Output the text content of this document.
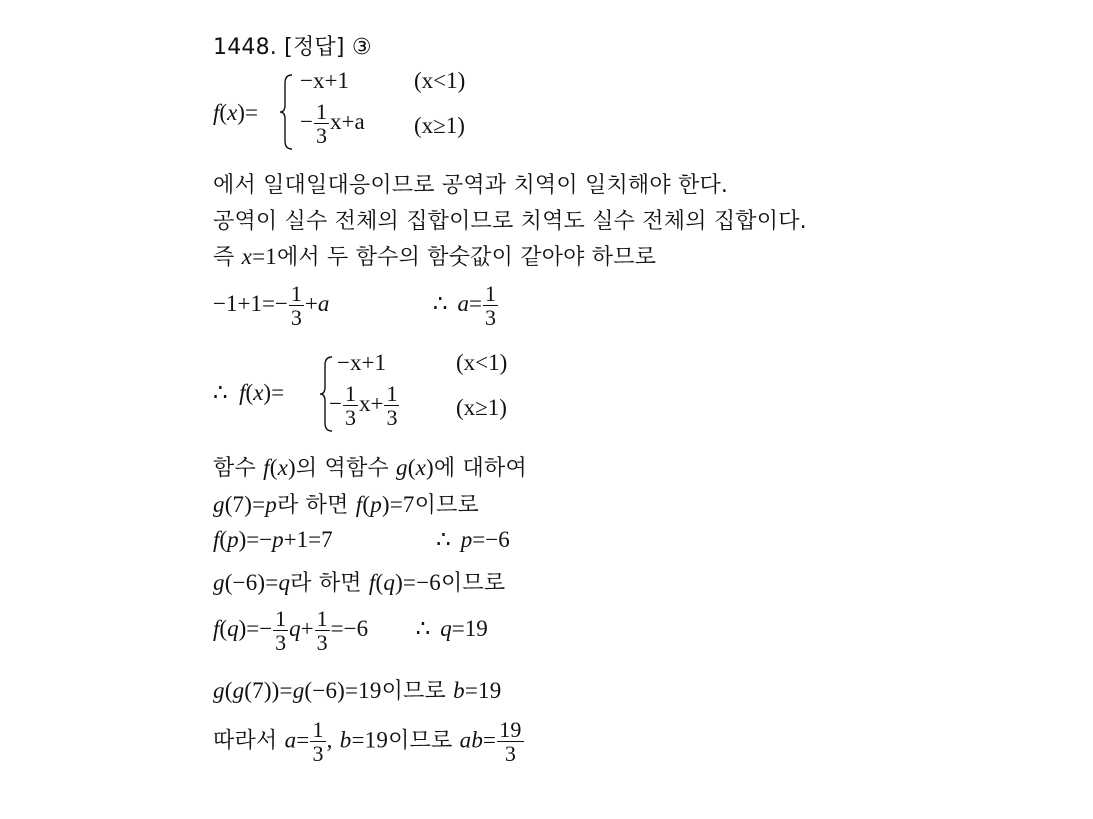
1448. [정답] ③
f(x)=
−x+1	(x<1)
− $\frac{1}{3} x+a$ (x≥1)
에서 일대일대응이므로 공역과 치역이 일치해야 한다.
공역이 실수 전체의 집합이므로 치역도 실수 전체의 집합이다.
즉 x=1에서 두 함수의 함숫값이 같아야 하므로
$-1+1=- \frac{1}{3} +a$	∴ $a= \frac{1}{3}$
∴ f(x)=
−x+1	(x<1)
− $\frac{1}{3} x+ \frac{1}{3} (x\ge 1)$
함수 f(x)의 역함수 g(x)에 대하여
g(7)=p라 하면 f(p)=7이므로
f(p)=−p+1=7	∴ p=−6
g(−6)=q라 하면 f(q)=−6이므로
$f(q)=- \frac{1}{3} q+ \frac{1}{3} =-6$ ∴ q=19
g(g(7))=g(−6)=19이므로 b=19
따라서 $a= \frac{1}{3}$ , b=19이므로 $ab= \frac{19}{3}$
